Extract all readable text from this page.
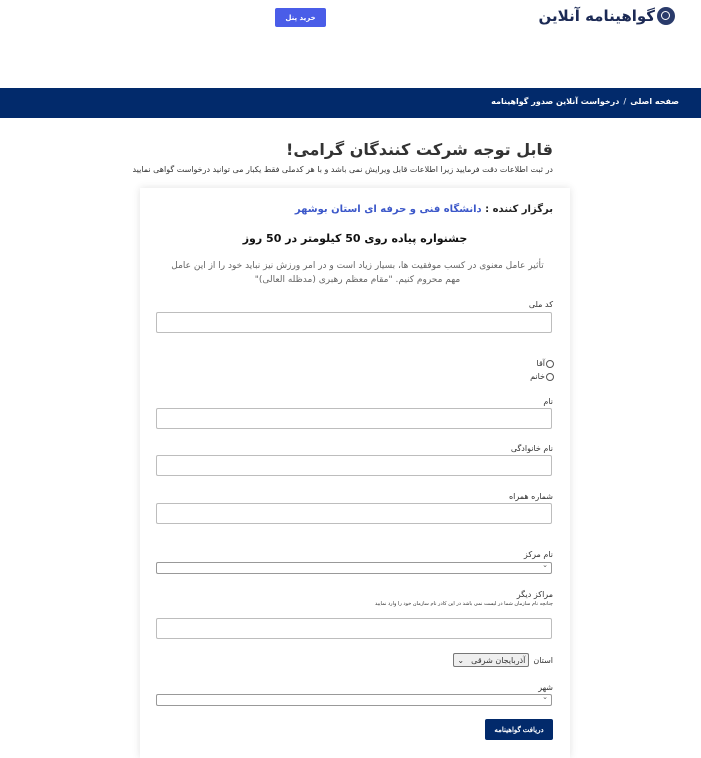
خرید پنل	گواهینامه آنلاین
صفحه اصلی
/
درخواست آنلاین صدور گواهینامه
قابل توجه شرکت کنندگان گرامی!
در ثبت اطلاعات دقت فرمایید زیرا اطلاعات قابل ویرایش نمی باشد و با هر کدملی فقط یکبار می توانید درخواست گواهی نمایید
برگزار کننده : دانشگاه فنی و حرفه ای استان بوشهر
جشنواره پیاده روی 50 کیلومتر در 50 روز
تأثیر عامل معنوی در کسب موفقیت ها، بسیار زیاد است و در امر ورزش نیز نباید خود را از این عامل مهم محروم کنیم. "مقام معظم رهبری (مدظله العالی)"
کد ملی
آقا
خانم
نام
نام خانوادگی
شماره همراه
نام مرکز
⌄
مراکز دیگر
چنانچه نام سازمان شما در لیست نمی باشد در این کادر نام سازمان خود را وارد نمایید
استان
آذربایجان شرقی
⌄
شهر
⌄
دریافت گواهینامه
